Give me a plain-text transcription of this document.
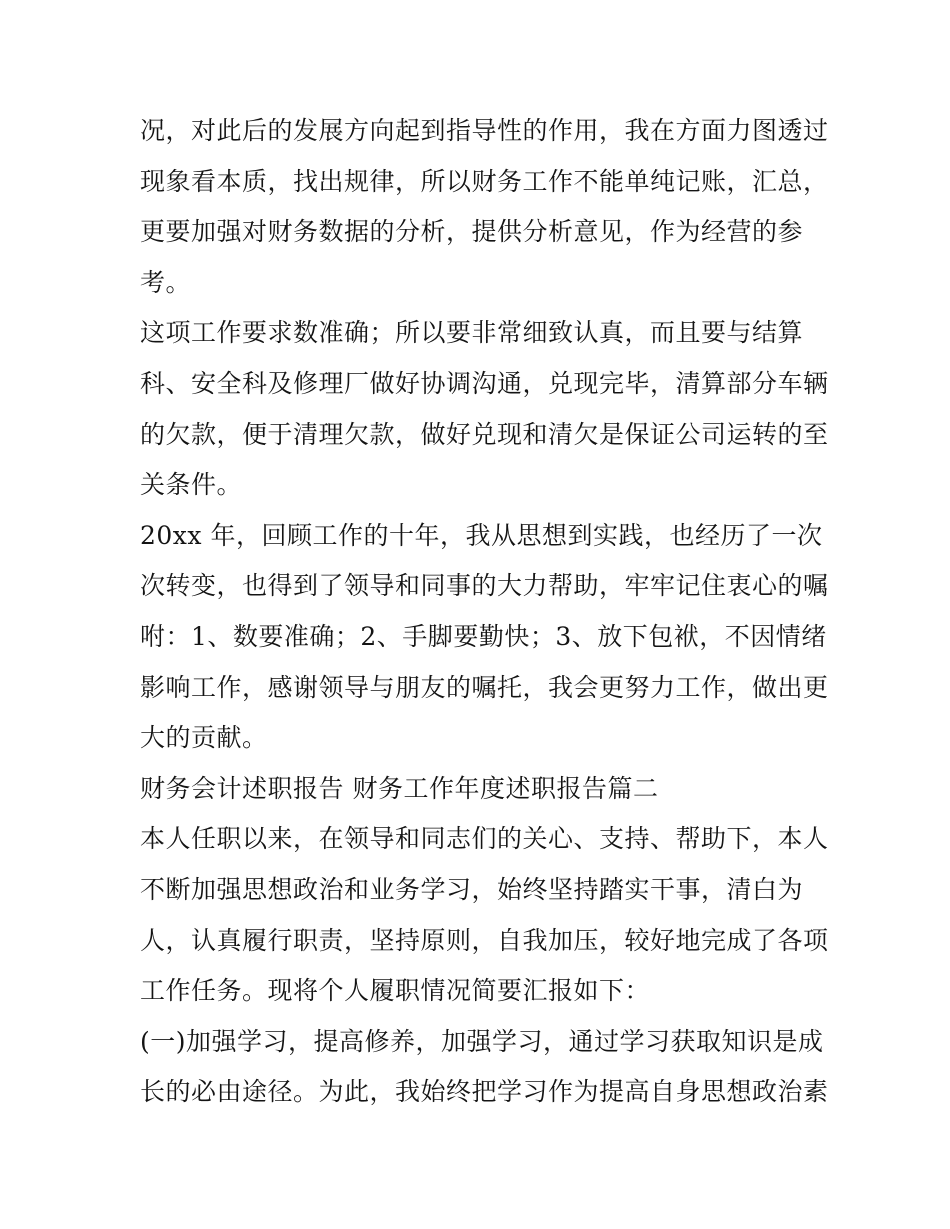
况，对此后的发展方向起到指导性的作用，我在方面力图透过
现象看本质，找出规律，所以财务工作不能单纯记账，汇总，
更要加强对财务数据的分析，提供分析意见，作为经营的参
考。
这项工作要求数准确；所以要非常细致认真，而且要与结算
科、安全科及修理厂做好协调沟通，兑现完毕，清算部分车辆
的欠款，便于清理欠款，做好兑现和清欠是保证公司运转的至
关条件。
20xx 年，回顾工作的十年，我从思想到实践，也经历了一次
次转变，也得到了领导和同事的大力帮助，牢牢记住衷心的嘱
咐：1、数要准确；2、手脚要勤快；3、放下包袱，不因情绪
影响工作，感谢领导与朋友的嘱托，我会更努力工作，做出更
大的贡献。
财务会计述职报告 财务工作年度述职报告篇二
本人任职以来，在领导和同志们的关心、支持、帮助下，本人
不断加强思想政治和业务学习，始终坚持踏实干事，清白为
人，认真履行职责，坚持原则，自我加压，较好地完成了各项
工作任务。现将个人履职情况简要汇报如下：
(一)加强学习，提高修养，加强学习，通过学习获取知识是成
长的必由途径。为此，我始终把学习作为提高自身思想政治素
